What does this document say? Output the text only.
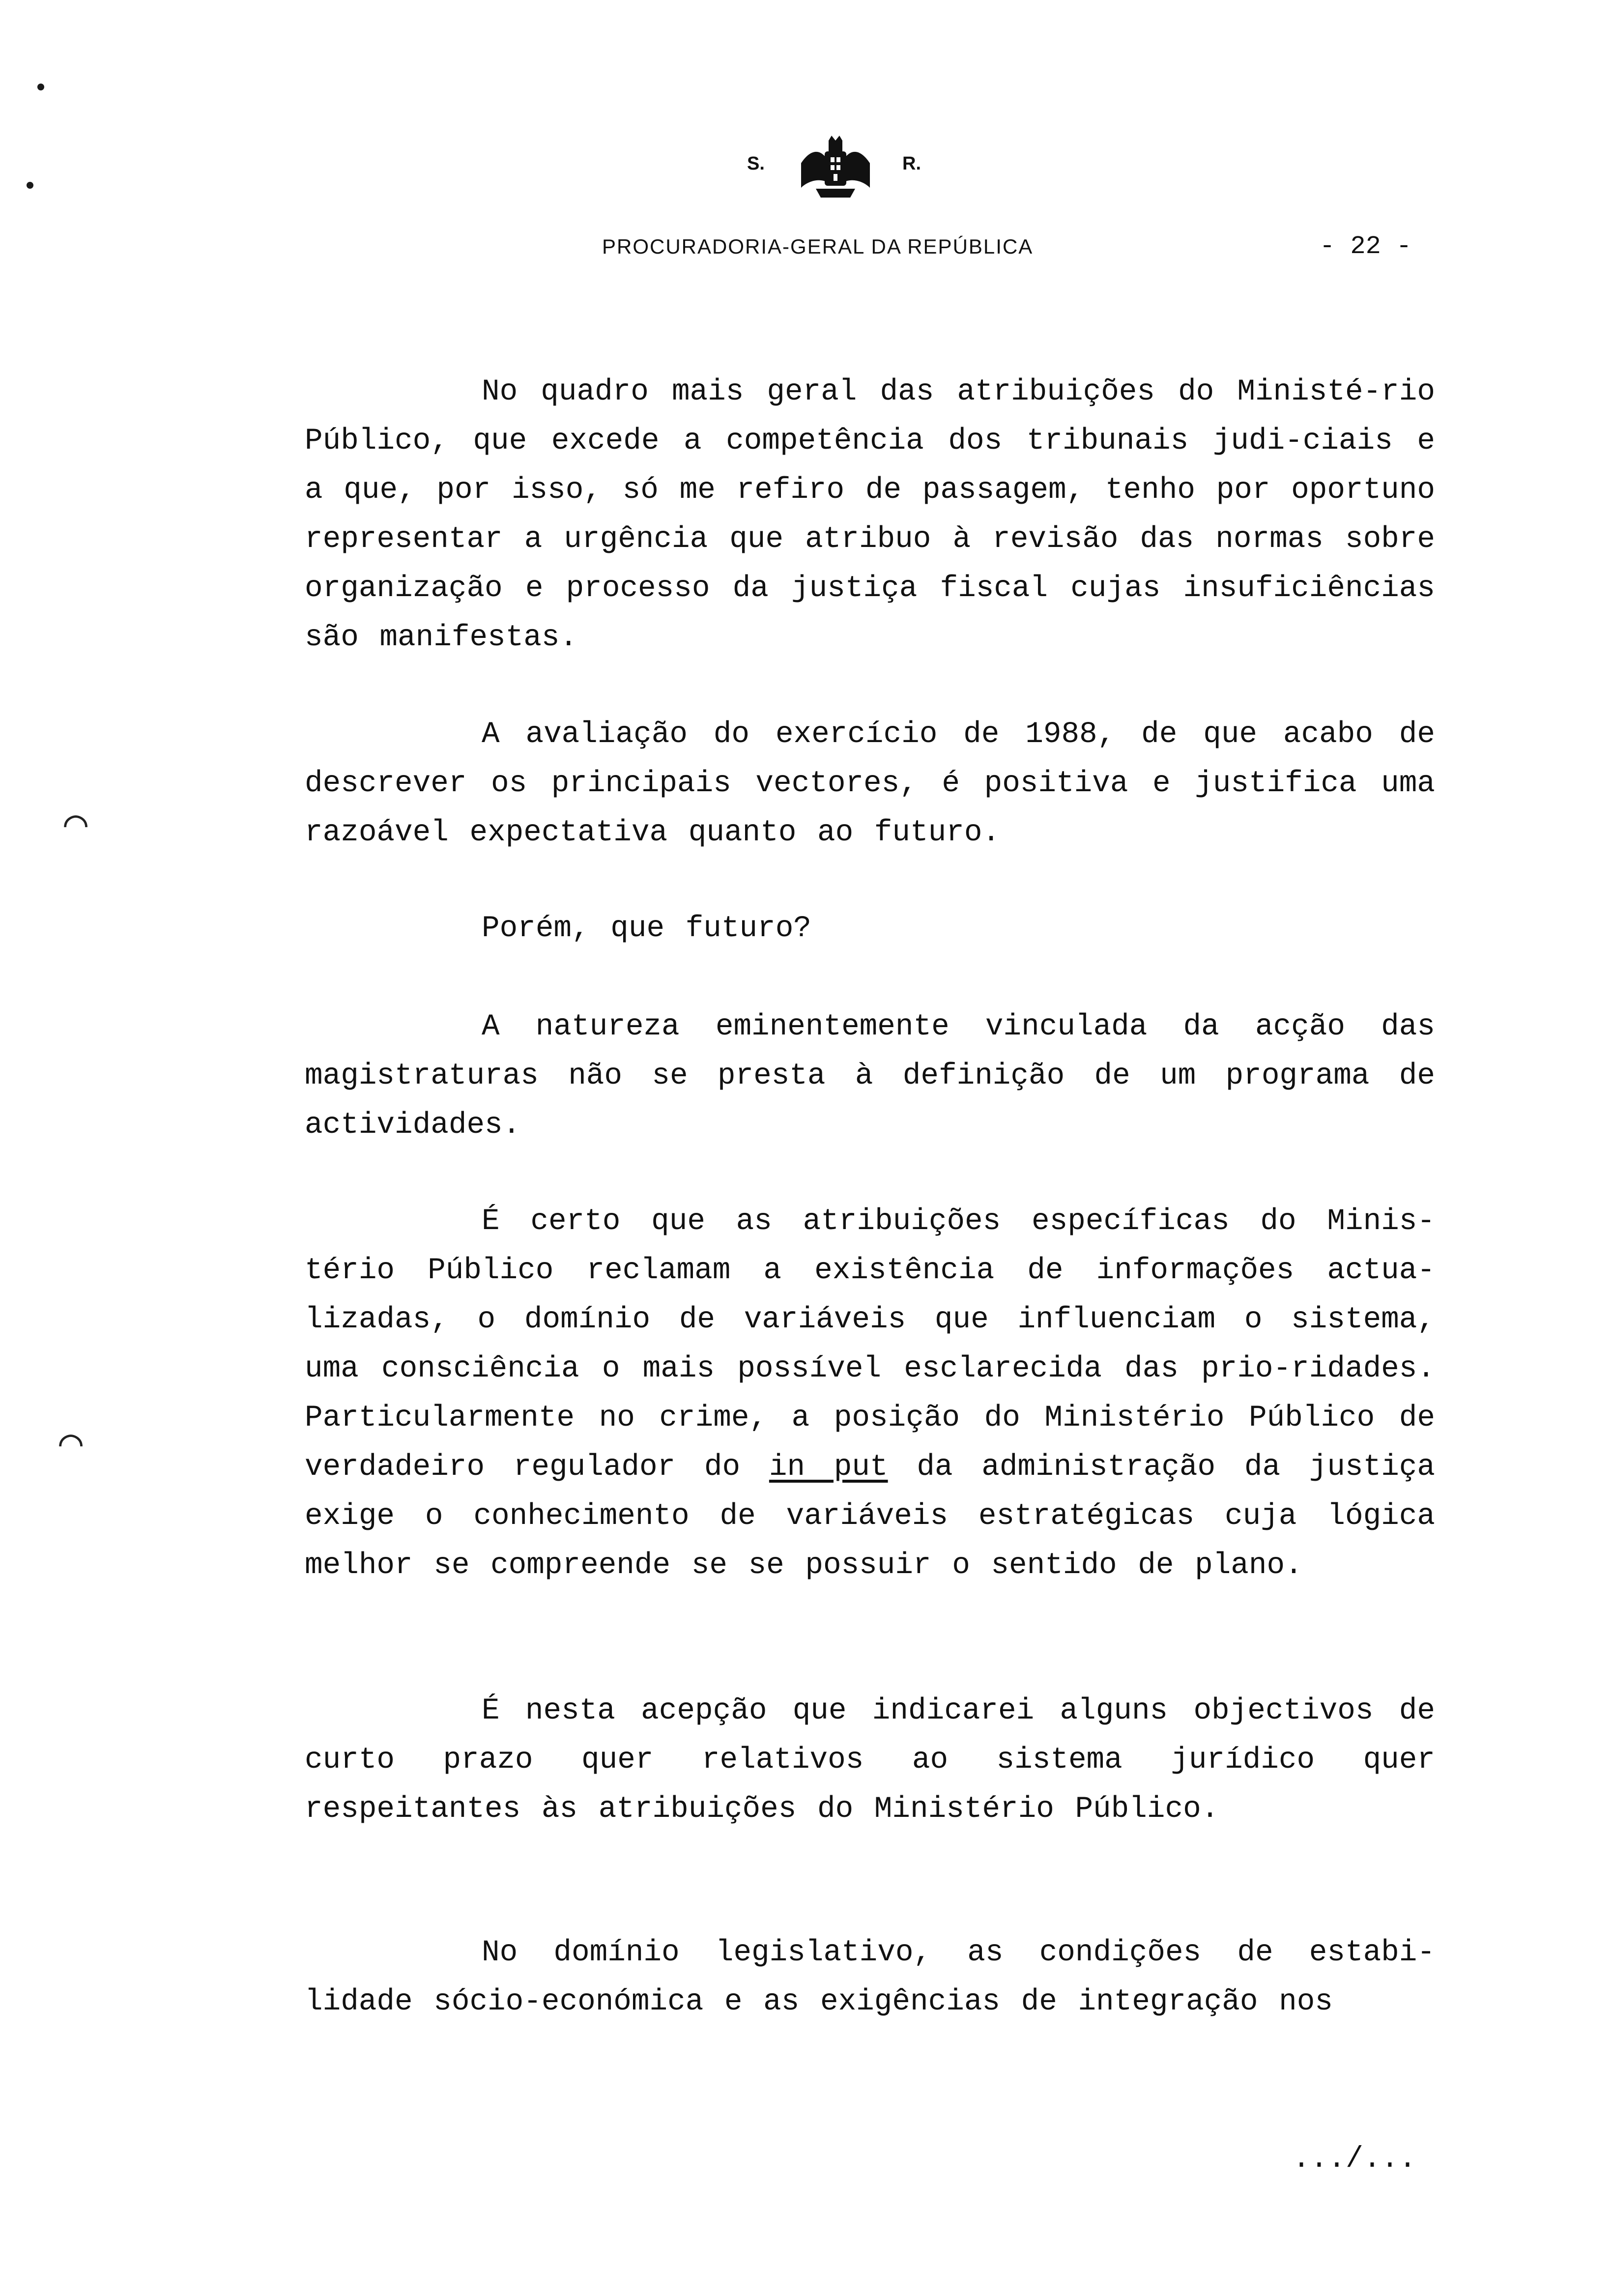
⌒
⌒
S.	R.
PROCURADORIA-GERAL DA REPÚBLICA	- 22 -

No quadro mais geral das atribuições do Ministé-rio Público, que excede a competência dos tribunais judi-ciais e a que, por isso, só me refiro de passagem, tenho por oportuno representar a urgência que atribuo à revisão das normas sobre organização e processo da justiça fiscal cujas insuficiências são manifestas.

A avaliação do exercício de 1988, de que acabo de descrever os principais vectores, é positiva e justifica uma razoável expectativa quanto ao futuro.

Porém, que futuro?

A natureza eminentemente vinculada da acção das magistraturas não se presta à definição de um programa de actividades.

É certo que as atribuições específicas do Minis-tério Público reclamam a existência de informações actua-lizadas, o domínio de variáveis que influenciam o sistema, uma consciência o mais possível esclarecida das prio-ridades. Particularmente no crime, a posição do Ministério Público de verdadeiro regulador do in put da administração da justiça exige o conhecimento de variáveis estratégicas cuja lógica melhor se compreende se se possuir o sentido de plano.

É nesta acepção que indicarei alguns objectivos de curto prazo quer relativos ao sistema jurídico quer respeitantes às atribuições do Ministério Público.

No domínio legislativo, as condições de estabi-lidade sócio-económica e as exigências de integração nos

.../...
